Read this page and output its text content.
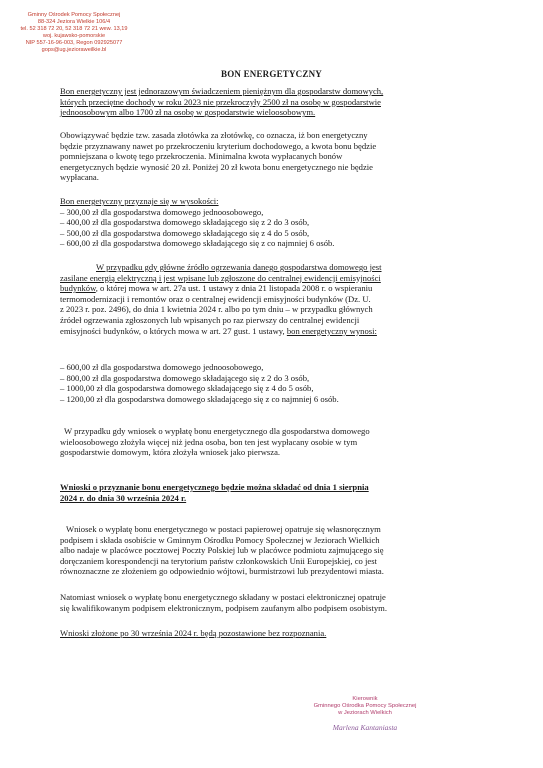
Gminny Ośrodek Pomocy Społecznej
88-324 Jeziora Wielkie 106/4
tel. 52 318 72 20, 52 318 72 21 wew. 13,19
woj. kujawsko-pomorskie
NIP 557-16-96-003, Regon 092925077
gops@ug.jezioraweilkie.bl
BON ENERGETYCZNY
Bon energetyczny jest jednorazowym świadczeniem pieniężnym dla gospodarstw domowych,
których przeciętne dochody w roku 2023 nie przekroczyły 2500 zł na osobę w gospodarstwie
jednoosobowym albo 1700 zł na osobę w gospodarstwie wieloosobowym.
Obowiązywać będzie tzw. zasada złotówka za złotówkę, co oznacza, iż bon energetyczny
będzie przyznawany nawet po przekroczeniu kryterium dochodowego, a kwota bonu będzie
pomniejszana o kwotę tego przekroczenia. Minimalna kwota wypłacanych bonów
energetycznych będzie wynosić 20 zł. Poniżej 20 zł kwota bonu energetycznego nie będzie
wypłacana.
Bon energetyczny przyznaje się w wysokości:
– 300,00 zł dla gospodarstwa domowego jednoosobowego,
– 400,00 zł dla gospodarstwa domowego składającego się z 2 do 3 osób,
– 500,00 zł dla gospodarstwa domowego składającego się z 4 do 5 osób,
– 600,00 zł dla gospodarstwa domowego składającego się z co najmniej 6 osób.
W przypadku gdy główne źródło ogrzewania danego gospodarstwa domowego jest
zasilane energią elektryczną i jest wpisane lub zgłoszone do centralnej ewidencji emisyjności
budynków, o której mowa w art. 27a ust. 1 ustawy z dnia 21 listopada 2008 r. o wspieraniu
termomodernizacji i remontów oraz o centralnej ewidencji emisyjności budynków (Dz. U.
z 2023 r. poz. 2496), do dnia 1 kwietnia 2024 r. albo po tym dniu – w przypadku głównych
źródeł ogrzewania zgłoszonych lub wpisanych po raz pierwszy do centralnej ewidencji
emisyjności budynków, o których mowa w art. 27 gust. 1 ustawy, bon energetyczny wynosi:
– 600,00 zł dla gospodarstwa domowego jednoosobowego,
– 800,00 zł dla gospodarstwa domowego składającego się z 2 do 3 osób,
– 1000,00 zł dla gospodarstwa domowego składającego się z 4 do 5 osób,
– 1200,00 zł dla gospodarstwa domowego składającego się z co najmniej 6 osób.
W przypadku gdy wniosek o wypłatę bonu energetycznego dla gospodarstwa domowego
wieloosobowego złożyła więcej niż jedna osoba, bon ten jest wypłacany osobie w tym
gospodarstwie domowym, która złożyła wniosek jako pierwsza.
Wnioski o przyznanie bonu energetycznego będzie można składać od dnia 1 sierpnia
2024 r. do dnia 30 września 2024 r.
Wniosek o wypłatę bonu energetycznego w postaci papierowej opatruje się własnoręcznym
podpisem i składa osobiście w Gminnym Ośrodku Pomocy Społecznej w Jeziorach Wielkich
albo nadaje w placówce pocztowej Poczty Polskiej lub w placówce podmiotu zajmującego się
doręczaniem korespondencji na terytorium państw członkowskich Unii Europejskiej, co jest
równoznaczne ze złożeniem go odpowiednio wójtowi, burmistrzowi lub prezydentowi miasta.
Natomiast wniosek o wypłatę bonu energetycznego składany w postaci elektronicznej opatruje
się kwalifikowanym podpisem elektronicznym, podpisem zaufanym albo podpisem osobistym.
Wnioski złożone po 30 września 2024 r. będą pozostawione bez rozpoznania.
Kierownik
Gminnego Ośrodka Pomocy Społecznej
w Jeziorach Wielkich
Marlena Kantaniasta
